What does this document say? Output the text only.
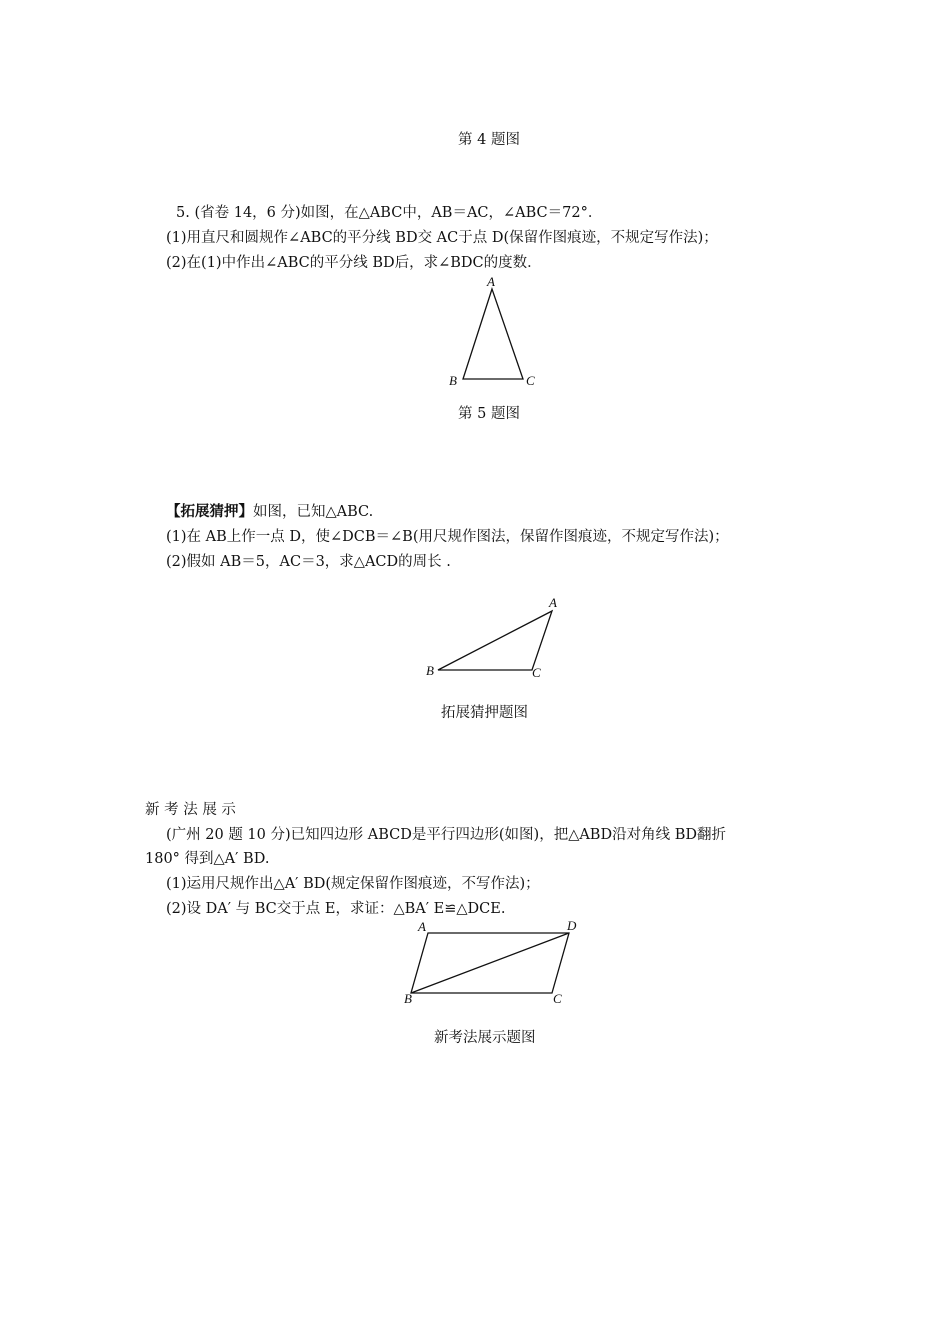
第 4 题图
5. (省卷 14，6 分)如图，在△ABC中，AB＝AC，∠ABC＝72°．
(1)用直尺和圆规作∠ABC的平分线 BD交 AC于点 D(保留作图痕迹，不规定写作法)；
(2)在(1)中作出∠ABC的平分线 BD后，求∠BDC的度数．
A
B	C
第 5 题图
【拓展猜押】如图，已知△ABC.
(1)在 AB上作一点 D，使∠DCB＝∠B(用尺规作图法，保留作图痕迹，不规定写作法)；
(2)假如 AB＝5，AC＝3，求△ACD的周长 .
A
B	C
拓展猜押题图
新 考 法 展 示
(广州 20 题 10 分)已知四边形 ABCD是平行四边形(如图)，把△ABD沿对角线 BD翻折
180° 得到△A′ BD.
(1)运用尺规作出△A′ BD(规定保留作图痕迹，不写作法)；
(2)设 DA′ 与 BC交于点 E，求证：△BA′ E≌△DCE.
A	D
B	C
新考法展示题图
